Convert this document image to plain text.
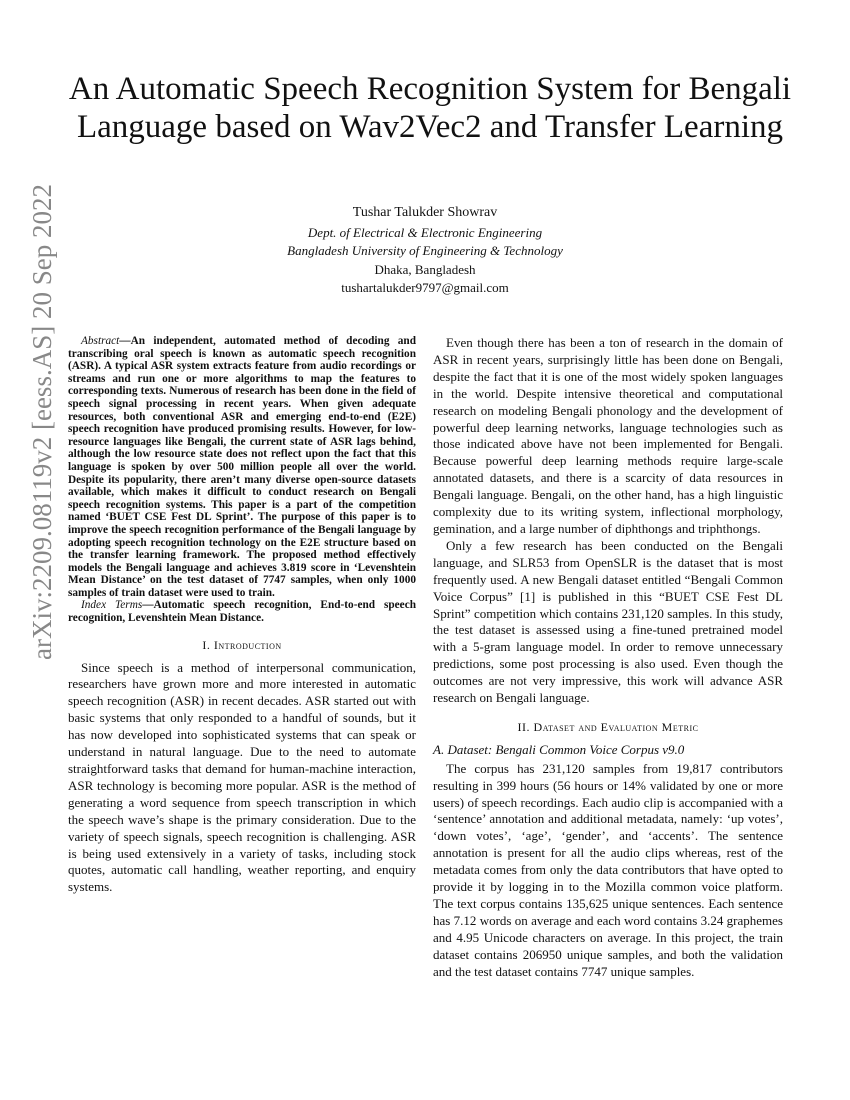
arXiv:2209.08119v2 [eess.AS] 20 Sep 2022
An Automatic Speech Recognition System for Bengali Language based on Wav2Vec2 and Transfer Learning
Tushar Talukder Showrav
Dept. of Electrical & Electronic Engineering
Bangladesh University of Engineering & Technology
Dhaka, Bangladesh
tushartalukder9797@gmail.com

Abstract—An independent, automated method of decoding and transcribing oral speech is known as automatic speech recognition (ASR). A typical ASR system extracts feature from audio recordings or streams and run one or more algorithms to map the features to corresponding texts. Numerous of research has been done in the field of speech signal processing in recent years. When given adequate resources, both conventional ASR and emerging end-to-end (E2E) speech recognition have produced promising results. However, for low-resource languages like Bengali, the current state of ASR lags behind, although the low resource state does not reflect upon the fact that this language is spoken by over 500 million people all over the world. Despite its popularity, there aren’t many diverse open-source datasets available, which makes it difficult to conduct research on Bengali speech recognition systems. This paper is a part of the competition named ‘BUET CSE Fest DL Sprint’. The purpose of this paper is to improve the speech recognition performance of the Bengali language by adopting speech recognition technology on the E2E structure based on the transfer learning framework. The proposed method effectively models the Bengali language and achieves 3.819 score in ‘Levenshtein Mean Distance’ on the test dataset of 7747 samples, when only 1000 samples of train dataset were used to train.

Index Terms—Automatic speech recognition, End-to-end speech recognition, Levenshtein Mean Distance.

I. Introduction

Since speech is a method of interpersonal communication, researchers have grown more and more interested in automatic speech recognition (ASR) in recent decades. ASR started out with basic systems that only responded to a handful of sounds, but it has now developed into sophisticated systems that can speak or understand in natural language. Due to the need to automate straightforward tasks that demand for human-machine interaction, ASR technology is becoming more popular. ASR is the method of generating a word sequence from speech transcription in which the speech wave’s shape is the primary consideration. Due to the variety of speech signals, speech recognition is challenging. ASR is being used extensively in a variety of tasks, including stock quotes, automatic call handling, weather reporting, and enquiry systems.

Even though there has been a ton of research in the domain of ASR in recent years, surprisingly little has been done on Bengali, despite the fact that it is one of the most widely spoken languages in the world. Despite intensive theoretical and computational research on modeling Bengali phonology and the development of powerful deep learning networks, language technologies such as those indicated above have not been implemented for Bengali. Because powerful deep learning methods require large-scale annotated datasets, and there is a scarcity of data resources in Bengali language. Bengali, on the other hand, has a high linguistic complexity due to its writing system, inflectional morphology, gemination, and a large number of diphthongs and triphthongs.

Only a few research has been conducted on the Bengali language, and SLR53 from OpenSLR is the dataset that is most frequently used. A new Bengali dataset entitled “Bengali Common Voice Corpus” [1] is published in this “BUET CSE Fest DL Sprint” competition which contains 231,120 samples. In this study, the test dataset is assessed using a fine-tuned pretrained model with a 5-gram language model. In order to remove unnecessary predictions, some post processing is also used. Even though the outcomes are not very impressive, this work will advance ASR research on Bengali language.

II. Dataset and Evaluation Metric
A. Dataset: Bengali Common Voice Corpus v9.0

The corpus has 231,120 samples from 19,817 contributors resulting in 399 hours (56 hours or 14% validated by one or more users) of speech recordings. Each audio clip is accompanied with a ‘sentence’ annotation and additional metadata, namely: ‘up votes’, ‘down votes’, ‘age’, ‘gender’, and ‘accents’. The sentence annotation is present for all the audio clips whereas, rest of the metadata comes from only the data contributors that have opted to provide it by logging in to the Mozilla common voice platform. The text corpus contains 135,625 unique sentences. Each sentence has 7.12 words on average and each word contains 3.24 graphemes and 4.95 Unicode characters on average. In this project, the train dataset contains 206950 unique samples, and both the validation and the test dataset contains 7747 unique samples.
